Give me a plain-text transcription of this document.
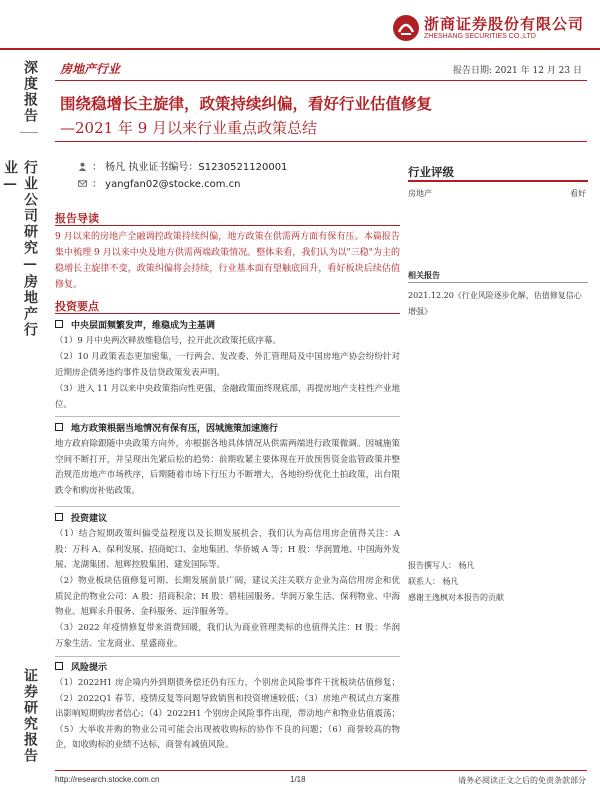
浙商证券股份有限公司
ZHESHANG SECURITIES CO.,LTD
房地产行业	报告日期: 2021 年 12 月 23 日
深度报告
行业公司研究—房地产行业—
证券研究报告
围绕稳增长主旋律，政策持续纠偏，看好行业估值修复
—2021 年 9 月以来行业重点政策总结
： 杨凡 执业证书编号：S1230521120001
： yangfan02@stocke.com.cn
报告导读
9 月以来的房地产全融调控政策持续纠偏，地方政策在供需两方面有保有压。本篇报告集中梳理 9 月以来中央及地方供需两端政策情况。整体来看，我们认为以"三稳"为主的稳增长主旋律不变，政策纠偏将会持续，行业基本面有望触底回升，看好板块后续估值修复。
投资要点
中央层面频繁发声，维稳成为主基调
（1）9 月中央两次释放维稳信号，拉开此次政策托底序幕。
（2）10 月政策表态更加密集，一行两会、发改委、外汇管理局及中国房地产协会纷纷针对近期房企债务违约事件及信贷政策发表声明。
（3）进入 11 月以来中央政策指向性更强，金融政策面终现底部，再提房地产支柱性产业地位。
地方政策根据当地情况有保有压，因城施策加速施行
地方政府除跟随中央政策方向外，亦根据各地具体情况从供需两端进行政策微调。因城施策空间不断打开，并呈现出先紧后松的趋势：前期收紧主要体现在开放预售资金监管政策并整治规范房地产市场秩序，后期随着市场下行压力不断增大，各地纷纷优化土拍政策，出台限跌令和购房补贴政策。
投资建议
（1）结合短期政策纠偏受益程度以及长期发展机会，我们认为高信用房企值得关注：A 股：万科 A、保利发展、招商蛇口、金地集团、华侨城 A 等；H 股：华润置地、中国海外发展、龙湖集团、旭辉控股集团、建发国际等。
（2）物业板块估值修复可期、长期发展前景广阔，建议关注关联方企业为高信用房企和优质民企的物业公司：A 股：招商积余；H 股：碧桂园服务、华润万象生活、保利物业、中海物业、旭辉永升服务、金科服务、远洋服务等。
（3）2022 年疫情修复带来消费回暖，我们认为商业管理类标的也值得关注：H 股：华润万象生活、宝龙商业、星盛商业。
风险提示
（1）2022H1 房企境内外到期债务偿还仍有压力，个别房企风险事件干扰板块估值修复；（2）2022Q1 春节、疫情反复等问题导致销售和投资增速较低；（3）房地产税试点方案推出影响短期购房者信心；（4）2022H1 个别房企风险事件出现，带动地产和物业估值震荡；（5）大举收并购的物业公司可能会出现被收购标的协作不良的问题；（6）商誉较高的物企，如收购标的业绩不达标，商誉有减值风险。
行业评级
房地产	看好
相关报告
2021.12.20《行业风险逐步化解，估值修复信心增强》
报告撰写人： 杨凡
联系人： 杨凡
感谢王逸枫对本报告的贡献
http://research.stocke.com.cn	1/18	请务必阅读正文之后的免责条款部分
